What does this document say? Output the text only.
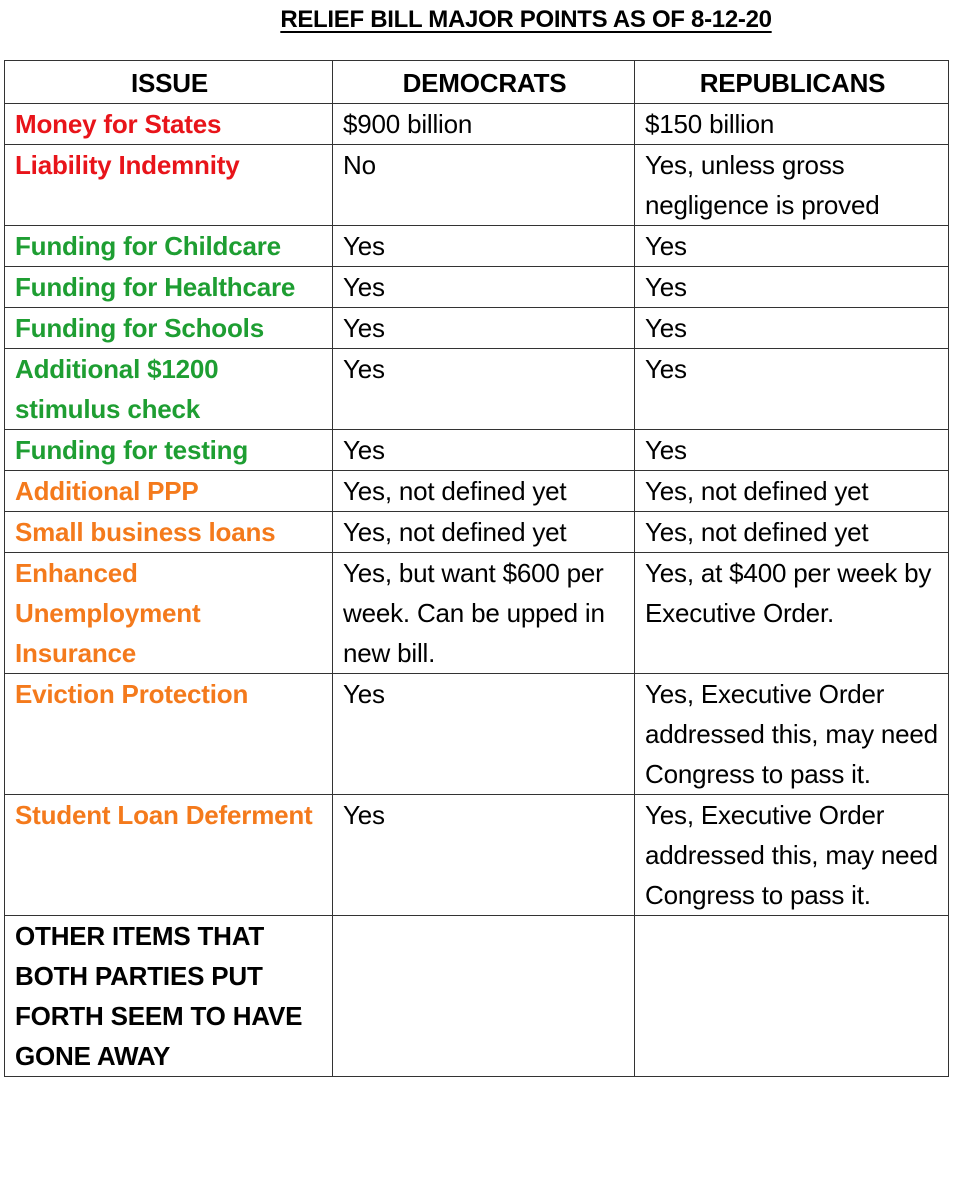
RELIEF BILL MAJOR POINTS AS OF 8-12-20
ISSUE	DEMOCRATS	REPUBLICANS
Money for States	$900 billion	$150 billion
Liability Indemnity	No	Yes, unless gross negligence is proved
Funding for Childcare	Yes	Yes
Funding for Healthcare	Yes	Yes
Funding for Schools	Yes	Yes
Additional $1200 stimulus check	Yes	Yes
Funding for testing	Yes	Yes
Additional PPP	Yes, not defined yet	Yes, not defined yet
Small business loans	Yes, not defined yet	Yes, not defined yet
Enhanced Unemployment Insurance	Yes, but want $600 per week. Can be upped in new bill.	Yes, at $400 per week by Executive Order.
Eviction Protection	Yes	Yes, Executive Order addressed this, may need Congress to pass it.
Student Loan Deferment	Yes	Yes, Executive Order addressed this, may need Congress to pass it.
OTHER ITEMS THAT BOTH PARTIES PUT FORTH SEEM TO HAVE GONE AWAY		
